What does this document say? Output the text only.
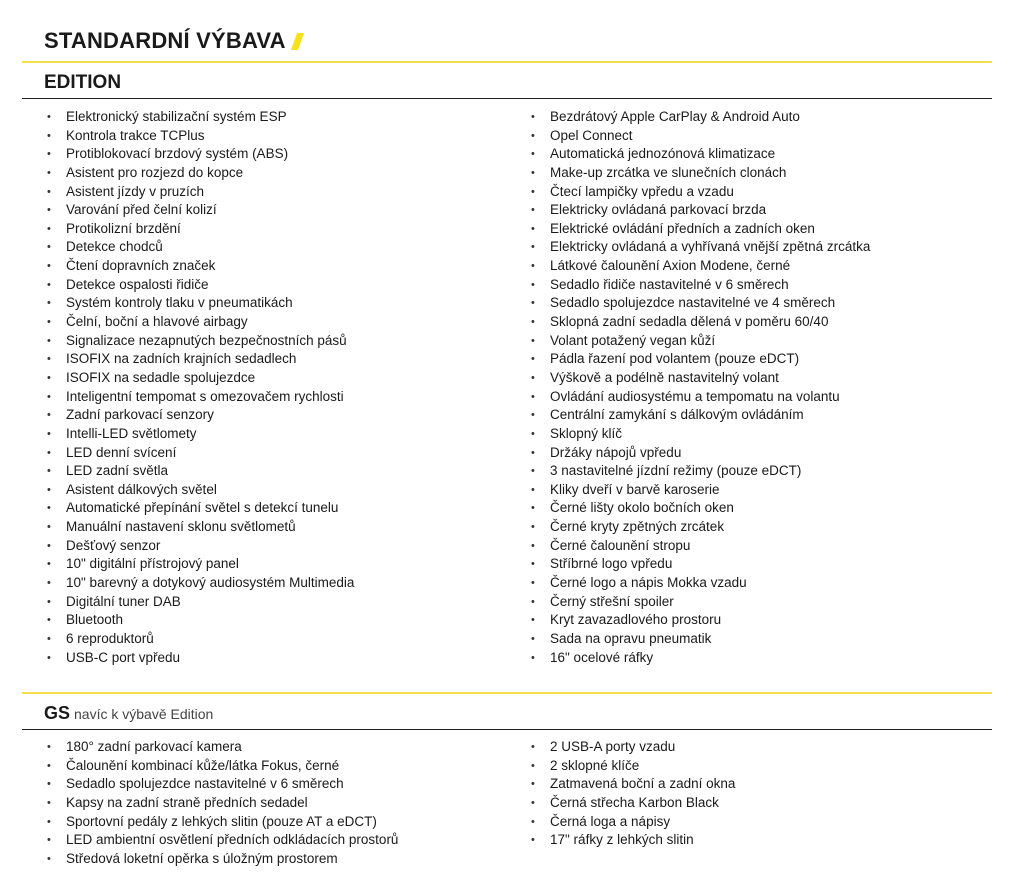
STANDARDNÍ VÝBAVA
EDITION
• Elektronický stabilizační systém ESP
• Kontrola trakce TCPlus
• Protiblokovací brzdový systém (ABS)
• Asistent pro rozjezd do kopce
• Asistent jízdy v pruzích
• Varování před čelní kolizí
• Protikolizní brzdění
• Detekce chodců
• Čtení dopravních značek
• Detekce ospalosti řidiče
• Systém kontroly tlaku v pneumatikách
• Čelní, boční a hlavové airbagy
• Signalizace nezapnutých bezpečnostních pásů
• ISOFIX na zadních krajních sedadlech
• ISOFIX na sedadle spolujezdce
• Inteligentní tempomat s omezovačem rychlosti
• Zadní parkovací senzory
• Intelli-LED světlomety
• LED denní svícení
• LED zadní světla
• Asistent dálkových světel
• Automatické přepínání světel s detekcí tunelu
• Manuální nastavení sklonu světlometů
• Dešťový senzor
• 10" digitální přístrojový panel
• 10" barevný a dotykový audiosystém Multimedia
• Digitální tuner DAB
• Bluetooth
• 6 reproduktorů
• USB-C port vpředu
• Bezdrátový Apple CarPlay & Android Auto
• Opel Connect
• Automatická jednozónová klimatizace
• Make-up zrcátka ve slunečních clonách
• Čtecí lampičky vpředu a vzadu
• Elektricky ovládaná parkovací brzda
• Elektrické ovládání předních a zadních oken
• Elektricky ovládaná a vyhřívaná vnější zpětná zrcátka
• Látkové čalounění Axion Modene, černé
• Sedadlo řidiče nastavitelné v 6 směrech
• Sedadlo spolujezdce nastavitelné ve 4 směrech
• Sklopná zadní sedadla dělená v poměru 60/40
• Volant potažený vegan kůží
• Pádla řazení pod volantem (pouze eDCT)
• Výškově a podélně nastavitelný volant
• Ovládání audiosystému a tempomatu na volantu
• Centrální zamykání s dálkovým ovládáním
• Sklopný klíč
• Držáky nápojů vpředu
• 3 nastavitelné jízdní režimy (pouze eDCT)
• Kliky dveří v barvě karoserie
• Černé lišty okolo bočních oken
• Černé kryty zpětných zrcátek
• Černé čalounění stropu
• Stříbrné logo vpředu
• Černé logo a nápis Mokka vzadu
• Černý střešní spoiler
• Kryt zavazadlového prostoru
• Sada na opravu pneumatik
• 16" ocelové ráfky
GS navíc k výbavě Edition
• 180° zadní parkovací kamera
• Čalounění kombinací kůže/látka Fokus, černé
• Sedadlo spolujezdce nastavitelné v 6 směrech
• Kapsy na zadní straně předních sedadel
• Sportovní pedály z lehkých slitin (pouze AT a eDCT)
• LED ambientní osvětlení předních odkládacích prostorů
• Středová loketní opěrka s úložným prostorem
• 2 USB-A porty vzadu
• 2 sklopné klíče
• Zatmavená boční a zadní okna
• Černá střecha Karbon Black
• Černá loga a nápisy
• 17" ráfky z lehkých slitin
